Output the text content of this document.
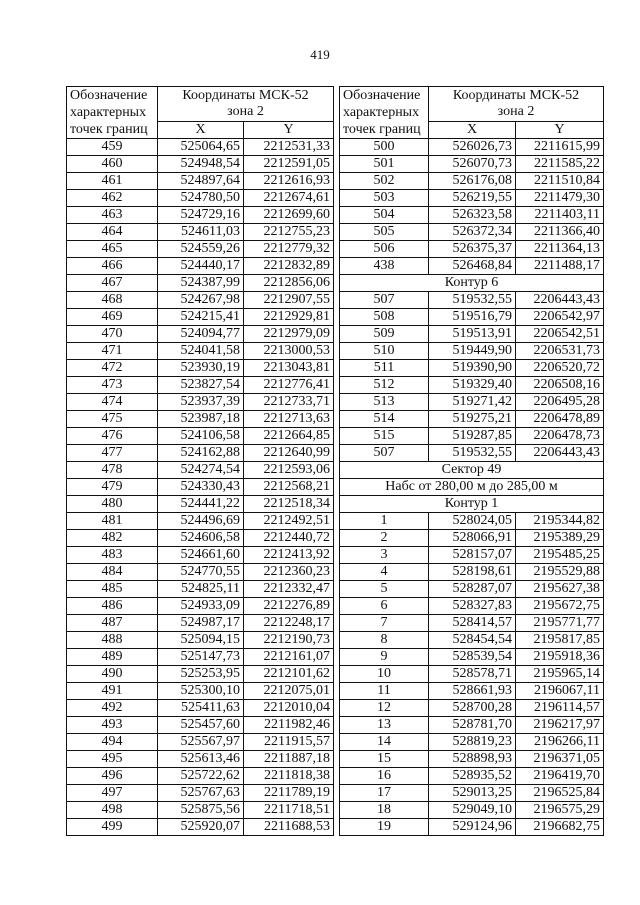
419
Обозначение
характерных
точек границ	Координаты МСК-52
зона 2	

	X	Y
459	525064,65	2212531,33
460	524948,54	2212591,05
461	524897,64	2212616,93
462	524780,50	2212674,61
463	524729,16	2212699,60
464	524611,03	2212755,23
465	524559,26	2212779,32
466	524440,17	2212832,89
467	524387,99	2212856,06
468	524267,98	2212907,55
469	524215,41	2212929,81
470	524094,77	2212979,09
471	524041,58	2213000,53
472	523930,19	2213043,81
473	523827,54	2212776,41
474	523937,39	2212733,71
475	523987,18	2212713,63
476	524106,58	2212664,85
477	524162,88	2212640,99
478	524274,54	2212593,06
479	524330,43	2212568,21
480	524441,22	2212518,34
481	524496,69	2212492,51
482	524606,58	2212440,72
483	524661,60	2212413,92
484	524770,55	2212360,23
485	524825,11	2212332,47
486	524933,09	2212276,89
487	524987,17	2212248,17
488	525094,15	2212190,73
489	525147,73	2212161,07
490	525253,95	2212101,62
491	525300,10	2212075,01
492	525411,63	2212010,04
493	525457,60	2211982,46
494	525567,97	2211915,57
495	525613,46	2211887,18
496	525722,62	2211818,38
497	525767,63	2211789,19
498	525875,56	2211718,51
499	525920,07	2211688,53
Обозначение
характерных
точек границ	Координаты МСК-52
зона 2	

	X	Y
500	526026,73	2211615,99
501	526070,73	2211585,22
502	526176,08	2211510,84
503	526219,55	2211479,30
504	526323,58	2211403,11
505	526372,34	2211366,40
506	526375,37	2211364,13
438	526468,84	2211488,17
Контур 6		
507	519532,55	2206443,43
508	519516,79	2206542,97
509	519513,91	2206542,51
510	519449,90	2206531,73
511	519390,90	2206520,72
512	519329,40	2206508,16
513	519271,42	2206495,28
514	519275,21	2206478,89
515	519287,85	2206478,73
507	519532,55	2206443,43
Сектор 49		
Набс от 280,00 м до 285,00 м		
Контур 1		
1	528024,05	2195344,82
2	528066,91	2195389,29
3	528157,07	2195485,25
4	528198,61	2195529,88
5	528287,07	2195627,38
6	528327,83	2195672,75
7	528414,57	2195771,77
8	528454,54	2195817,85
9	528539,54	2195918,36
10	528578,71	2195965,14
11	528661,93	2196067,11
12	528700,28	2196114,57
13	528781,70	2196217,97
14	528819,23	2196266,11
15	528898,93	2196371,05
16	528935,52	2196419,70
17	529013,25	2196525,84
18	529049,10	2196575,29
19	529124,96	2196682,75
